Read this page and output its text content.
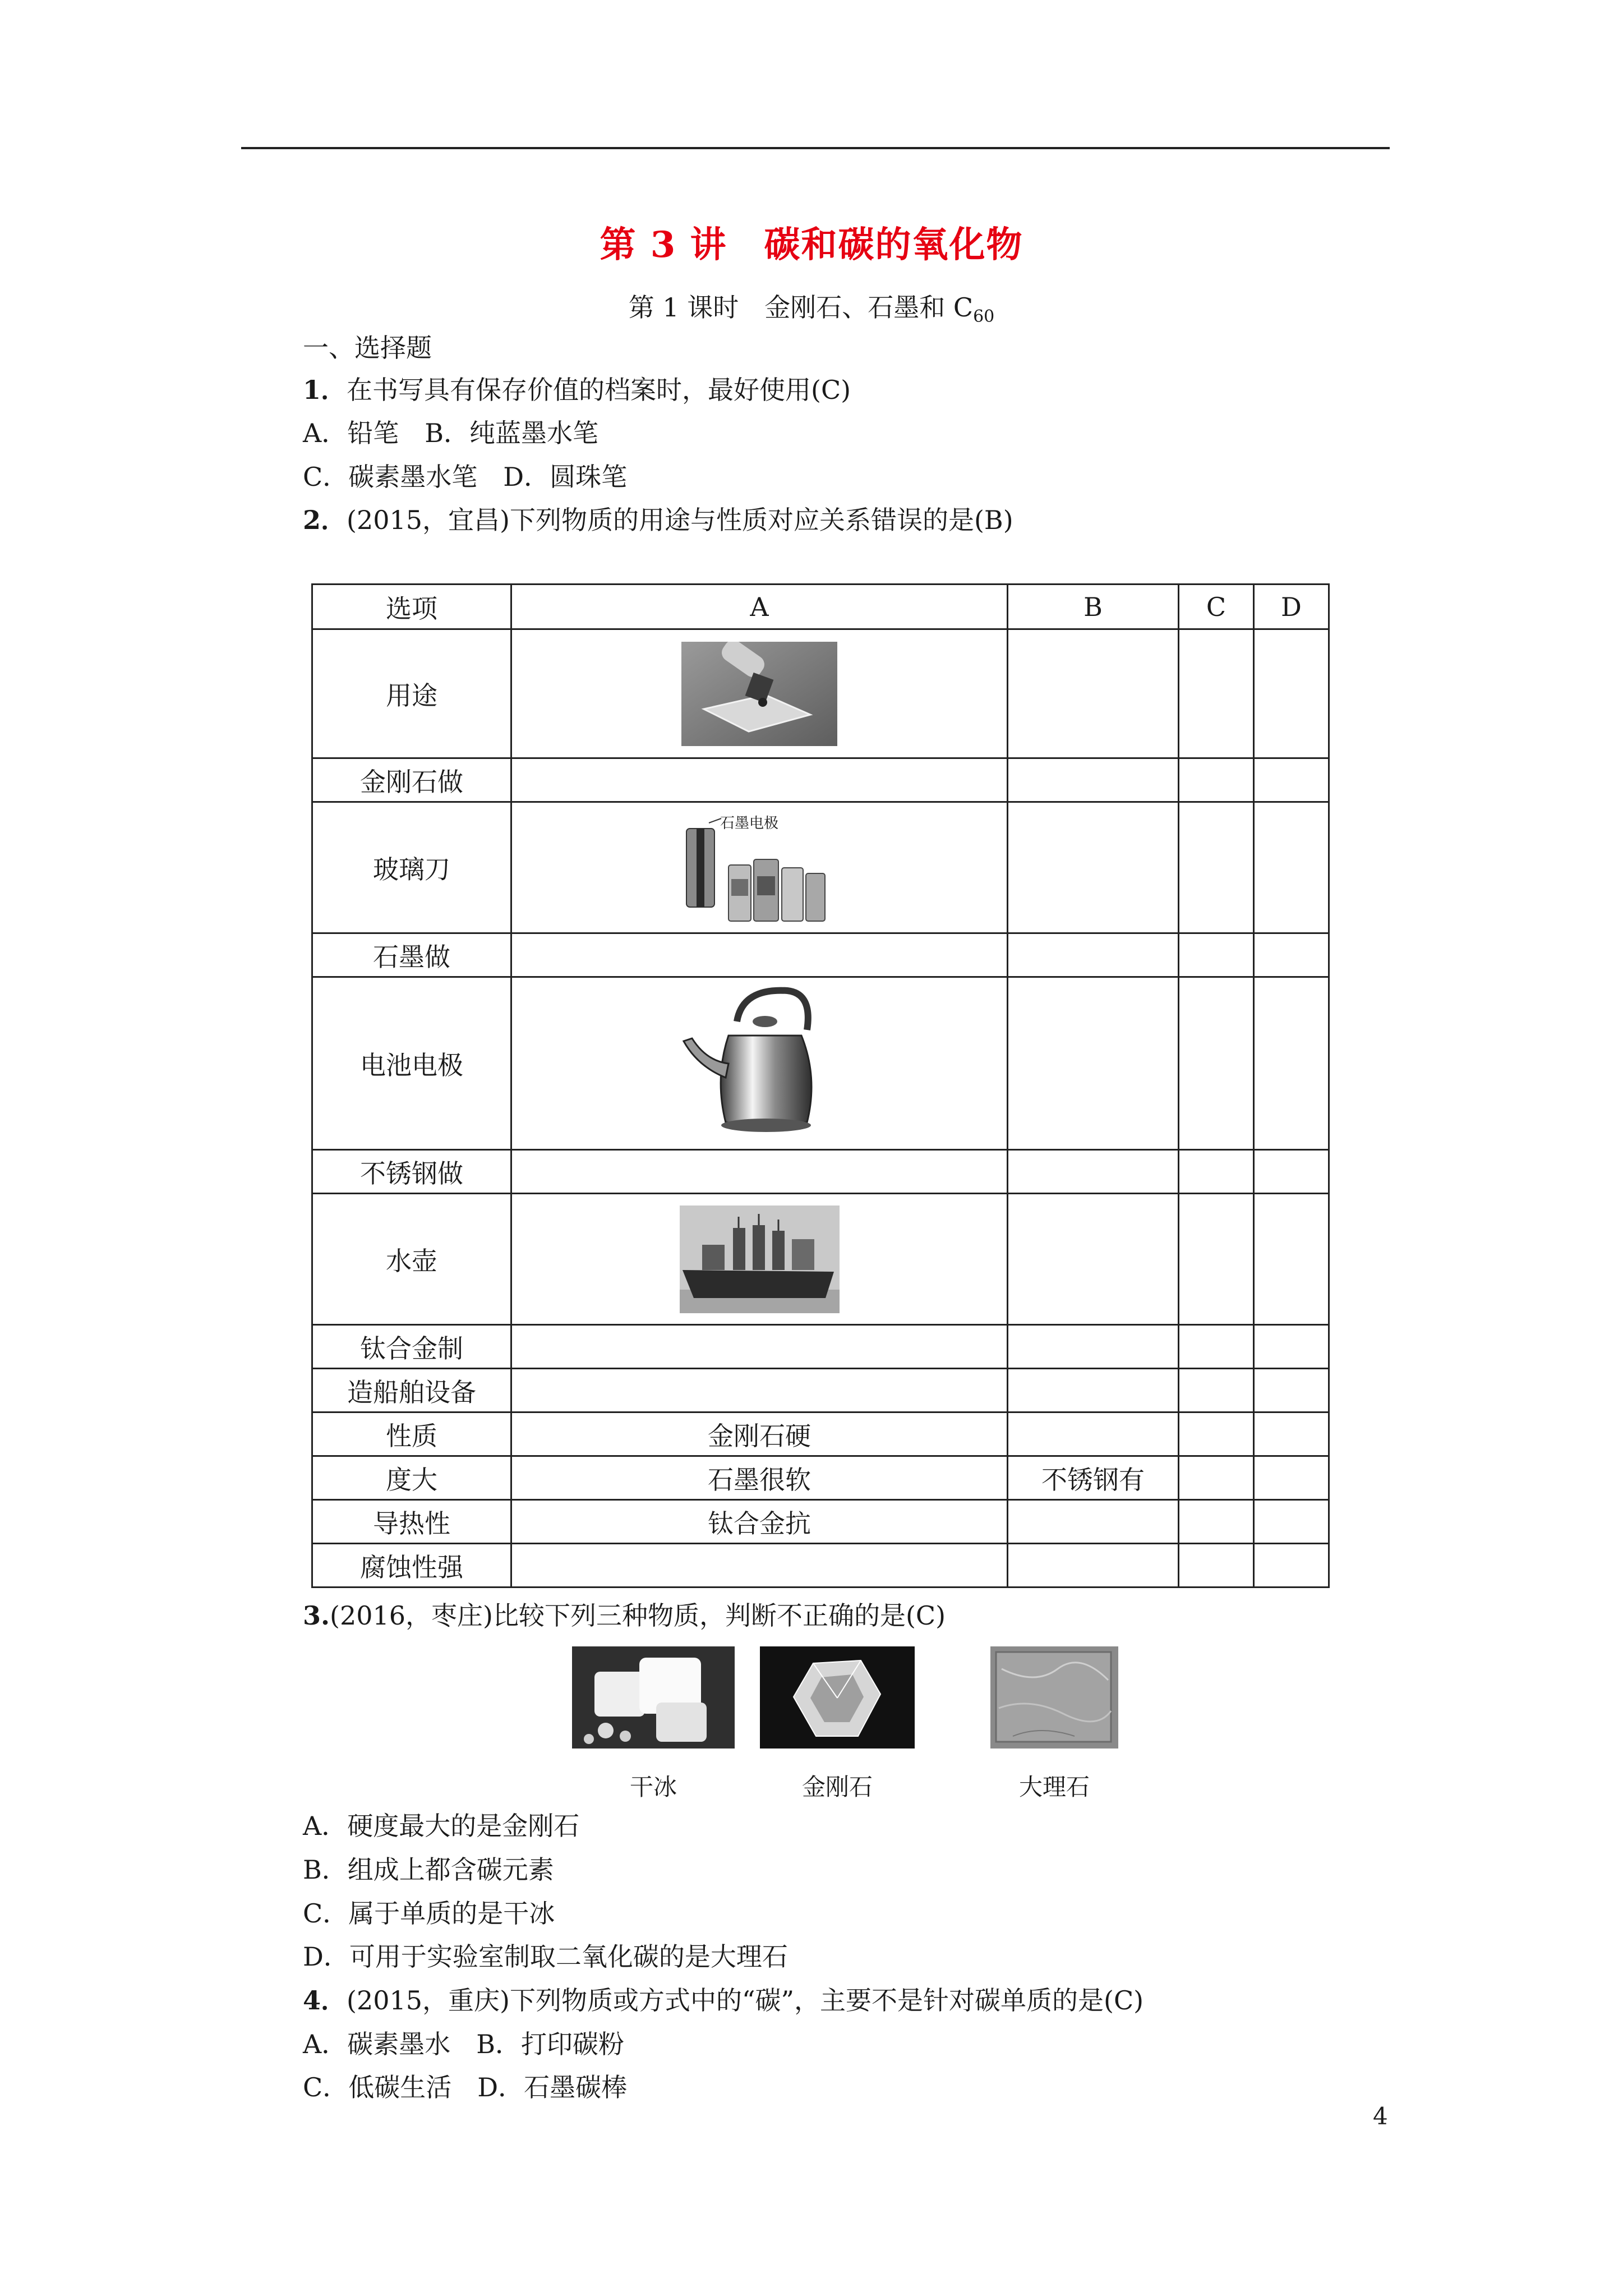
第 3 讲　碳和碳的氧化物
第 1 课时　金刚石、石墨和 $C_{60}$
一、选择题
1．在书写具有保存价值的档案时，最好使用(C)
A．铅笔　B．纯蓝墨水笔
C．碳素墨水笔　D．圆珠笔
2．(2015，宜昌)下列物质的用途与性质对应关系错误的是(B)
选项	A	B	C	D
用途				
金刚石做				
玻璃刀	石墨电极			

石墨做				
电池电极				
不锈钢做				
水壶				
钛合金制				
造船舶设备				
性质	金刚石硬			
度大	石墨很软	不锈钢有		
导热性	钛合金抗			
腐蚀性强				
3.(2016，枣庄)比较下列三种物质，判断不正确的是(C)
干冰	金刚石	大理石
A．硬度最大的是金刚石
B．组成上都含碳元素
C．属于单质的是干冰
D．可用于实验室制取二氧化碳的是大理石
4．(2015，重庆)下列物质或方式中的“碳”，主要不是针对碳单质的是(C)
A．碳素墨水　B．打印碳粉
C．低碳生活　D．石墨碳棒
4
